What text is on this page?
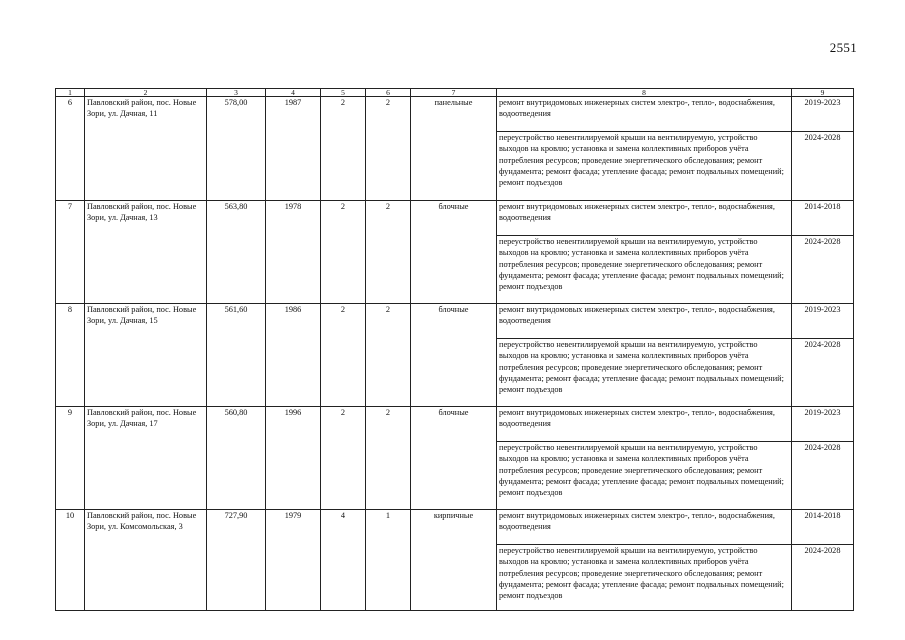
2551
1	2	3	4	5	6	7	8	9
6	Павловский район, пос. Новые Зори, ул. Дачная, 11	578,00	1987	2	2	панельные	ремонт внутридомовых инженерных систем электро-, тепло-, водоснабжения, водоотведения	2019-2023
							переустройство невентилируемой крыши на вентилируемую, устройство выходов на кровлю; установка и замена коллективных приборов учёта потребления ресурсов; проведение энергетического обследования; ремонт фундамента; ремонт фасада; утепление фасада; ремонт подвальных помещений; ремонт подъездов	2024-2028
7	Павловский район, пос. Новые Зори, ул. Дачная, 13	563,80	1978	2	2	блочные	ремонт внутридомовых инженерных систем электро-, тепло-, водоснабжения, водоотведения	2014-2018
							переустройство невентилируемой крыши на вентилируемую, устройство выходов на кровлю; установка и замена коллективных приборов учёта потребления ресурсов; проведение энергетического обследования; ремонт фундамента; ремонт фасада; утепление фасада; ремонт подвальных помещений; ремонт подъездов	2024-2028
8	Павловский район, пос. Новые Зори, ул. Дачная, 15	561,60	1986	2	2	блочные	ремонт внутридомовых инженерных систем электро-, тепло-, водоснабжения, водоотведения	2019-2023
							переустройство невентилируемой крыши на вентилируемую, устройство выходов на кровлю; установка и замена коллективных приборов учёта потребления ресурсов; проведение энергетического обследования; ремонт фундамента; ремонт фасада; утепление фасада; ремонт подвальных помещений; ремонт подъездов	2024-2028
9	Павловский район, пос. Новые Зори, ул. Дачная, 17	560,80	1996	2	2	блочные	ремонт внутридомовых инженерных систем электро-, тепло-, водоснабжения, водоотведения	2019-2023
							переустройство невентилируемой крыши на вентилируемую, устройство выходов на кровлю; установка и замена коллективных приборов учёта потребления ресурсов; проведение энергетического обследования; ремонт фундамента; ремонт фасада; утепление фасада; ремонт подвальных помещений; ремонт подъездов	2024-2028
10	Павловский район, пос. Новые Зори, ул. Комсомольская, 3	727,90	1979	4	1	кирпичные	ремонт внутридомовых инженерных систем электро-, тепло-, водоснабжения, водоотведения	2014-2018
							переустройство невентилируемой крыши на вентилируемую, устройство выходов на кровлю; установка и замена коллективных приборов учёта потребления ресурсов; проведение энергетического обследования; ремонт фундамента; ремонт фасада; утепление фасада; ремонт подвальных помещений; ремонт подъездов	2024-2028
